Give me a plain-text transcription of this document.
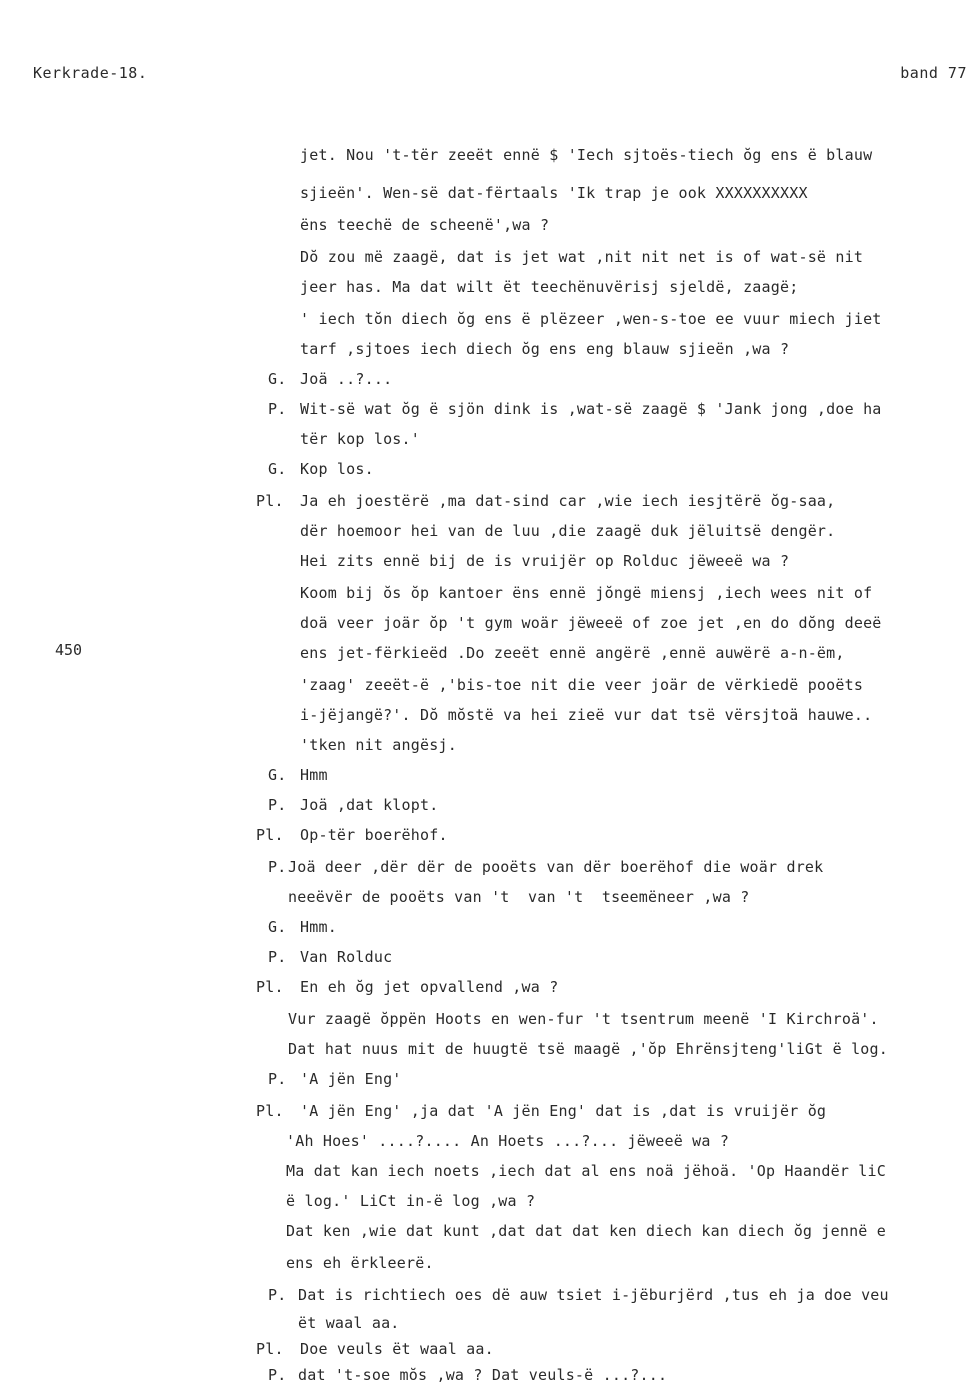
Kerkrade-18.	band 77
450
jet. Nou 't-tër zeeët ennë $ 'Iech sjtoës-tiech ŏg ens ë blauw
sjieën'. Wen-së dat-fërtaals 'Ik trap je ook XXXXXXXXXX
ëns teechë de scheenë',wa ?
Dŏ zou më zaagë, dat is jet wat ,nit nit net is of wat-së nit
jeer has. Ma dat wilt ët teechënuvërisj sjeldë, zaagë;
' iech tŏn diech ŏg ens ë plëzeer ,wen-s-toe ee vuur miech jiet
tarf ,sjtoes iech diech ŏg ens eng blauw sjieën ,wa ?
G. Joä ..?...
P. Wit-së wat ŏg ë sjön dink is ,wat-së zaagë $ 'Jank jong ,doe ha
tër kop los.'
G. Kop los.
Pl. Ja eh joestërë ,ma dat-sind car ,wie iech iesjtërë ŏg-saa,
dër hoemoor hei van de luu ,die zaagë duk jëluitsë dengër.
Hei zits ennë bij de is vruijër op Rolduc jëweeë wa ?
Koom bij ŏs ŏp kantoer ëns ennë jŏngë miensj ,iech wees nit of
doä veer joär ŏp 't gym woär jëweeë of zoe jet ,en do dŏng deeë
ens jet-fërkieëd .Do zeeët ennë angërë ,ennë auwërë a-n-ëm,
'zaag' zeeët-ë ,'bis-toe nit die veer joär de vërkiedë pooëts
i-jëjangë?'. Dŏ mŏstë va hei zieë vur dat tsë vërsjtoä hauwe..
'tken nit angësj.
G. Hmm
P. Joä ,dat klopt.
Pl. Op-tër boerëhof.
P. Joä deer ,dër dër de pooëts van dër boerëhof die woär drek
neeëvër de pooëts van 't  van 't  tseemëneer ,wa ?
G. Hmm.
P. Van Rolduc
Pl. En eh ŏg jet opvallend ,wa ?
Vur zaagë ŏppën Hoots en wen-fur 't tsentrum meenë 'I Kirchroä'.
Dat hat nuus mit de huugtë tsë maagë ,'ŏp Ehrënsjteng'liGt ë log.
P. 'A jën Eng'
Pl. 'A jën Eng' ,ja dat 'A jën Eng' dat is ,dat is vruijër ŏg
'Ah Hoes' ....?.... An Hoets ...?... jëweeë wa ?
Ma dat kan iech noets ,iech dat al ens noä jëhoä. 'Op Haandër liC
ë log.' LiCt in-ë log ,wa ?
Dat ken ,wie dat kunt ,dat dat dat ken diech kan diech ŏg jennë e
ens eh ërkleerë.
P. Dat is richtiech oes dë auw tsiet i-jëburjërd ,tus eh ja doe veu
ët waal aa.
Pl. Doe veuls ët waal aa.
P. dat 't-soe mŏs ,wa ? Dat veuls-ë ...?...
